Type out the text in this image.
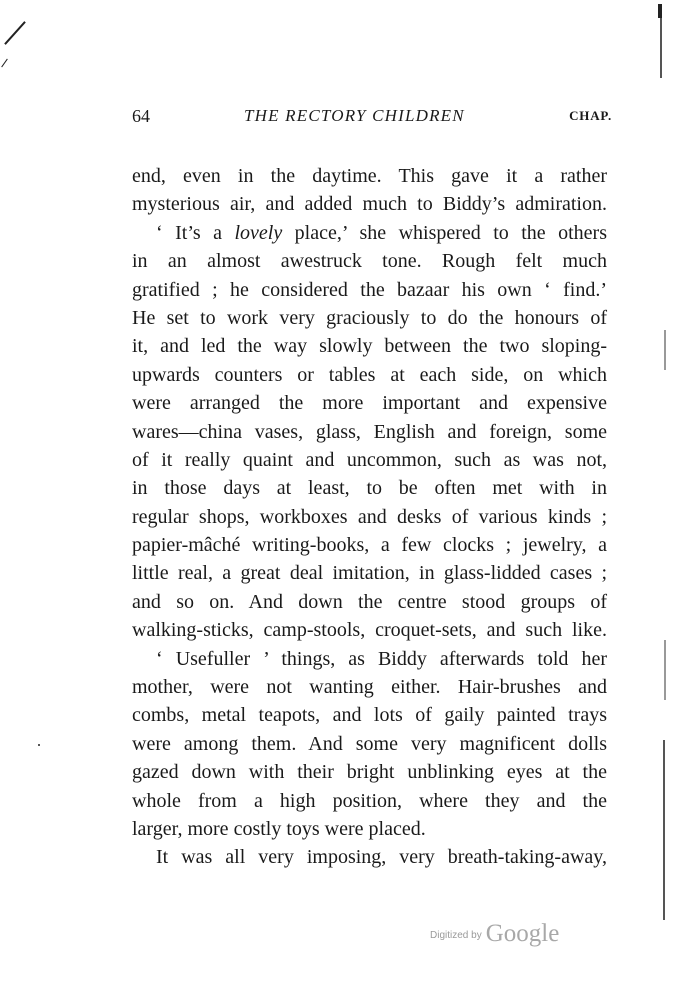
64	THE RECTORY CHILDREN	CHAP.
end, even in the daytime. This gave it a rather
mysterious air, and added much to Biddy’s admiration.
‘ It’s a lovely place,’ she whispered to the others
in an almost awestruck tone. Rough felt much
gratified ; he considered the bazaar his own ‘ find.’
He set to work very graciously to do the honours of
it, and led the way slowly between the two sloping-
upwards counters or tables at each side, on which
were arranged the more important and expensive
wares—china vases, glass, English and foreign, some
of it really quaint and uncommon, such as was not,
in those days at least, to be often met with in
regular shops, workboxes and desks of various kinds ;
papier-mâché writing-books, a few clocks ; jewelry, a
little real, a great deal imitation, in glass-lidded cases ;
and so on. And down the centre stood groups of
walking-sticks, camp-stools, croquet-sets, and such like.
‘ Usefuller ’ things, as Biddy afterwards told her
mother, were not wanting either. Hair-brushes and
combs, metal teapots, and lots of gaily painted trays
were among them. And some very magnificent dolls
gazed down with their bright unblinking eyes at the
whole from a high position, where they and the
larger, more costly toys were placed.
It was all very imposing, very breath-taking-away,
Digitized by Google
